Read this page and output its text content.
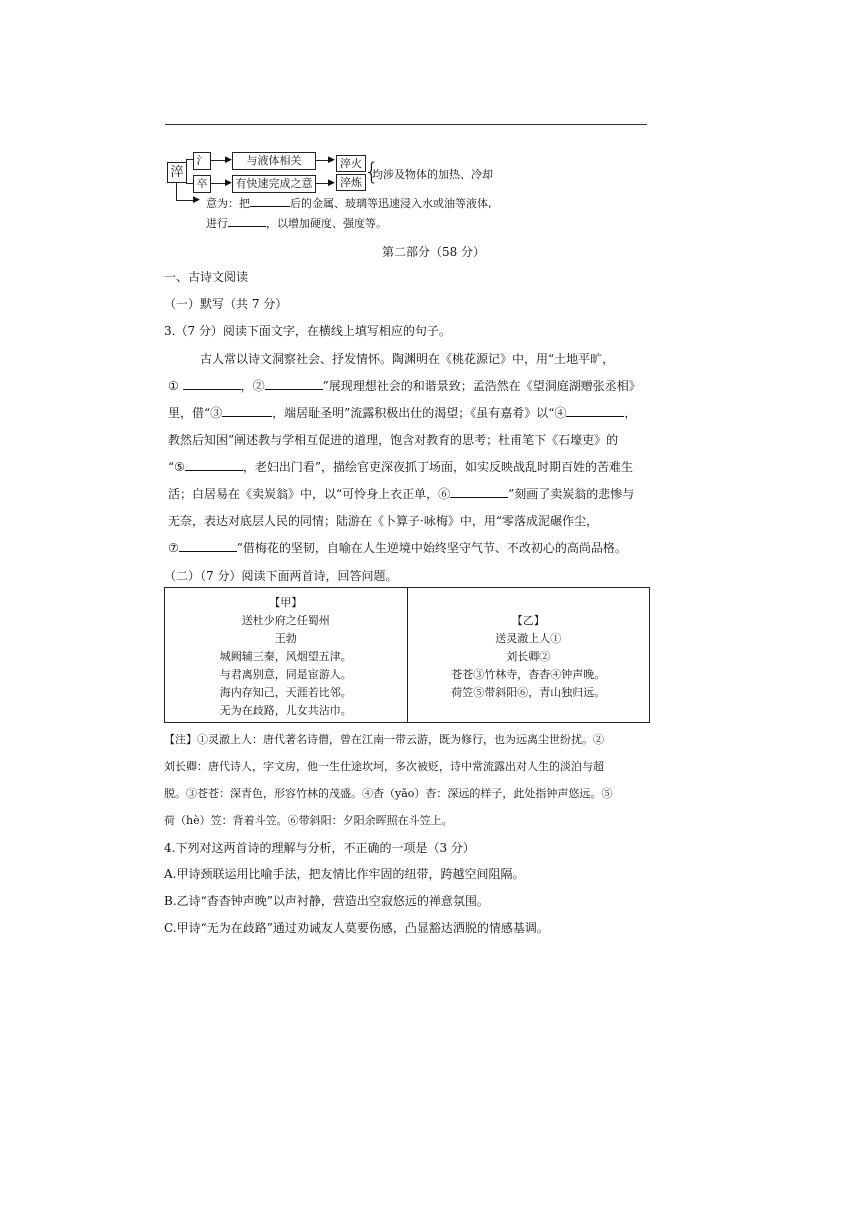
淬
氵
卒
▶
▶
与液体相关
有快速完成之意
▶
▶
淬火
淬炼 {
均涉及物体的加热、冷却
▶ 意为：把	后的金属、玻璃等迅速浸入水或油等液体,
进行	，以增加硬度、强度等。
第二部分（58 分）
一、古诗文阅读
（一）默写（共 7 分）
3.（7 分）阅读下面文字，在横线上填写相应的句子。
古人常以诗文洞察社会、抒发情怀。陶渊明在《桃花源记》中，用“土地平旷，
①	，②	”展现理想社会的和谐景致；孟浩然在《望洞庭湖赠张丞相》
里，借“③	，端居耻圣明”流露积极出仕的渴望；《虽有嘉肴》以“④	，
教然后知困”阐述教与学相互促进的道理，饱含对教育的思考；杜甫笔下《石壕吏》的
“⑤	，老妇出门看”，描绘官吏深夜抓丁场面，如实反映战乱时期百姓的苦难生
活；白居易在《卖炭翁》中，以“可怜身上衣正单，⑥	”刻画了卖炭翁的悲惨与
无奈，表达对底层人民的同情；陆游在《卜算子·咏梅》中，用“零落成泥碾作尘，
⑦	”借梅花的坚韧，自喻在人生逆境中始终坚守气节、不改初心的高尚品格。
（二）（7 分）阅读下面两首诗，回答问题。
【甲】
送杜少府之任蜀州
王勃
城阙辅三秦，风烟望五津。
与君离别意，同是宦游人。
海内存知己，天涯若比邻。
无为在歧路，儿女共沾巾。

【乙】
送灵澈上人①
刘长卿②
苍苍③竹林寺，杳杳④钟声晚。
荷笠⑤带斜阳⑥，青山独归远。
【注】①灵澈上人：唐代著名诗僧，曾在江南一带云游，既为修行，也为远离尘世纷扰。②
刘长卿：唐代诗人，字文房，他一生仕途坎坷，多次被贬，诗中常流露出对人生的淡泊与超
脱。③苍苍：深青色，形容竹林的茂盛。④杳（yǎo）杳：深远的样子，此处指钟声悠远。⑤
荷（hè）笠：背着斗笠。⑥带斜阳：夕阳余晖照在斗笠上。
4.下列对这两首诗的理解与分析，不正确的一项是（3 分）
A.甲诗颈联运用比喻手法，把友情比作牢固的纽带，跨越空间阻隔。
B.乙诗“杳杳钟声晚”以声衬静，营造出空寂悠远的禅意氛围。
C.甲诗“无为在歧路”通过劝诫友人莫要伤感，凸显豁达洒脱的情感基调。
